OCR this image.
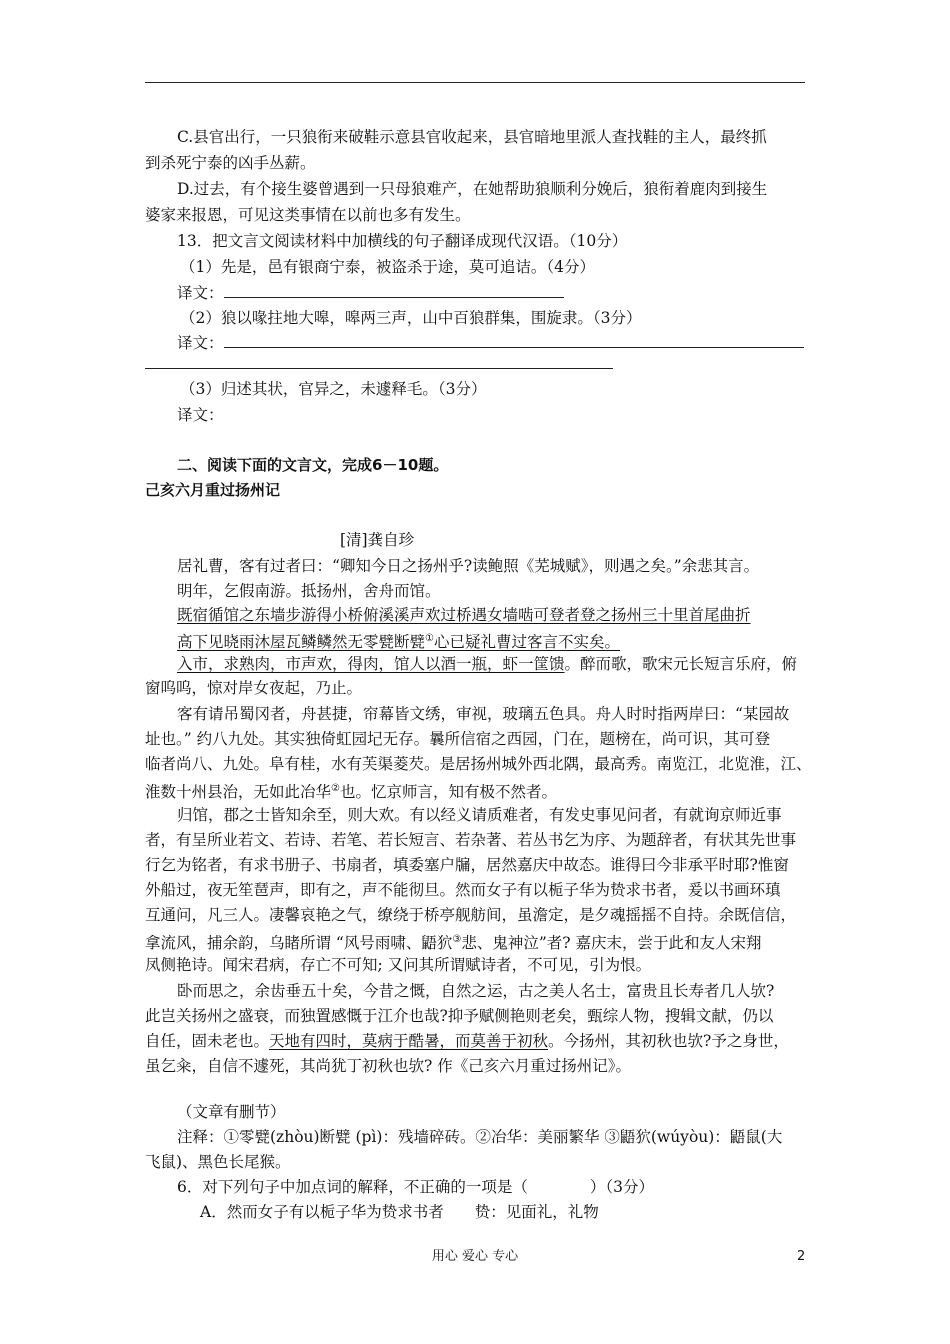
C.县官出行，一只狼衔来破鞋示意县官收起来，县官暗地里派人查找鞋的主人，最终抓
到杀死宁泰的凶手丛薪。
D.过去，有个接生婆曾遇到一只母狼难产，在她帮助狼顺利分娩后，狼衔着鹿肉到接生
婆家来报恩，可见这类事情在以前也多有发生。
13．把文言文阅读材料中加横线的句子翻译成现代汉语。（10分）
（1）先是，邑有银商宁泰，被盗杀于途，莫可追诘。（4分）
译文：
（2）狼以喙拄地大嗥，嗥两三声，山中百狼群集，围旋隶。（3分）
译文：
（3）归述其状，官异之，未遽释毛。（3分）
译文：
二、阅读下面的文言文，完成6－10题。
己亥六月重过扬州记
[清]龚自珍
居礼曹，客有过者曰：“卿知今日之扬州乎?读鲍照《芜城赋》，则遇之矣。”余悲其言。
明年，乞假南游。抵扬州，舍舟而馆。
既宿循馆之东墙步游得小桥俯溪溪声欢过桥遇女墙啮可登者登之扬州三十里首尾曲折
高下见晓雨沐屋瓦鳞鳞然无零甓断甓①心已疑礼曹过客言不实矣。
入市，求熟肉，市声欢，得肉，馆人以酒一瓶，虾一筐馈。醉而歌，歌宋元长短言乐府，俯
窗呜呜，惊对岸女夜起，乃止。
客有请吊蜀冈者，舟甚捷，帘幕皆文绣，审视，玻璃五色具。舟人时时指两岸曰：“某园故
址也。” 约八九处。其实独倚虹园圮无存。曩所信宿之西园，门在，题榜在，尚可识，其可登
临者尚八、九处。阜有桂，水有芙渠菱芡。是居扬州城外西北隅，最高秀。南览江，北览淮，江、
淮数十州县治，无如此冶华②也。忆京师言，知有极不然者。
归馆，郡之士皆知余至，则大欢。有以经义请质难者，有发史事见问者，有就询京师近事
者，有呈所业若文、若诗、若笔、若长短言、若杂著、若丛书乞为序、为题辞者，有状其先世事
行乞为铭者，有求书册子、书扇者，填委塞户牖，居然嘉庆中故态。谁得曰今非承平时耶?惟窗
外船过，夜无笙琶声，即有之，声不能彻旦。然而女子有以栀子华为贽求书者，爰以书画环瑱
互通问，凡三人。凄馨哀艳之气，缭绕于桥亭舰舫间，虽澹定，是夕魂摇摇不自持。余既信信，
拿流风，捕余韵，乌睹所谓 “风号雨啸、鼯狖③悲、鬼神泣”者? 嘉庆末，尝于此和友人宋翔
凤侧艳诗。闻宋君病，存亡不可知; 又问其所谓赋诗者，不可见，引为恨。
卧而思之，余齿垂五十矣，今昔之慨，自然之运，古之美人名士，富贵且长寿者几人欤?
此岂关扬州之盛衰，而独置感慨于江介也哉?抑予赋侧艳则老矣，甄综人物，搜辑文献，仍以
自任，固未老也。天地有四时，莫病于酷暑，而莫善于初秋。今扬州，其初秋也欤?予之身世，
虽乞籴，自信不遽死，其尚犹丁初秋也欤? 作《己亥六月重过扬州记》。
（文章有删节）
注释：①零甓(zhòu)断甓 (pì)：残墙碎砖。②冶华：美丽繁华 ③鼯狖(wúyòu)：鼯鼠(大
飞鼠)、黑色长尾猴。
6．对下列句子中加点词的解释，不正确的一项是（　　　　）（3分）
A．然而女子有以栀子华为贽求书者　　贽：见面礼，礼物
用心 爱心 专心	2
